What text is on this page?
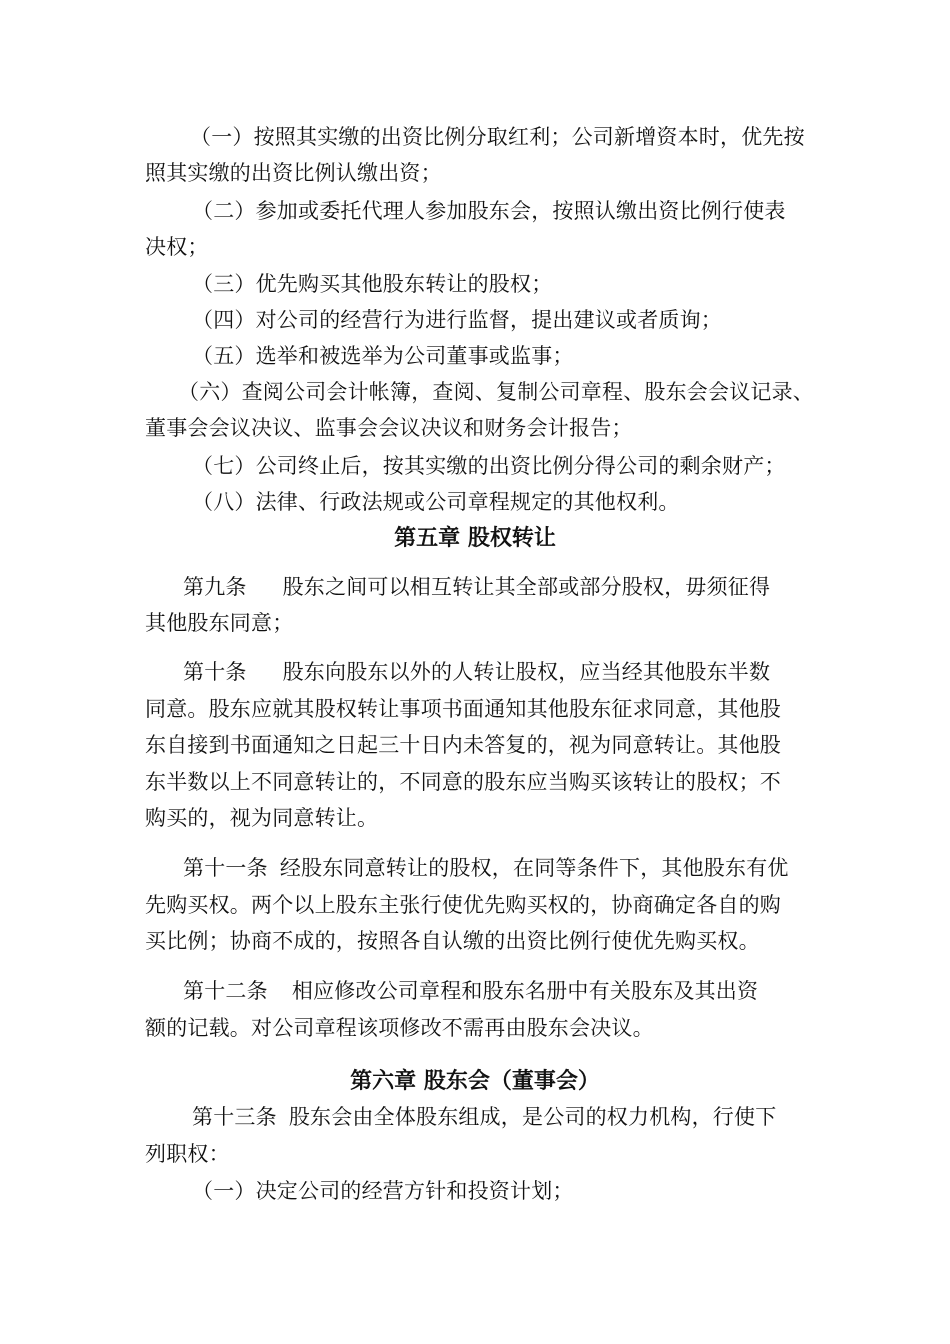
（一）按照其实缴的出资比例分取红利；公司新增资本时，优先按
照其实缴的出资比例认缴出资；
（二）参加或委托代理人参加股东会，按照认缴出资比例行使表
决权；
（三）优先购买其他股东转让的股权；
（四）对公司的经营行为进行监督，提出建议或者质询；
（五）选举和被选举为公司董事或监事；
（六）查阅公司会计帐簿，查阅、复制公司章程、股东会会议记录、
董事会会议决议、监事会会议决议和财务会计报告；
（七）公司终止后，按其实缴的出资比例分得公司的剩余财产；
（八）法律、行政法规或公司章程规定的其他权利。
第五章 股权转让
第九条 股东之间可以相互转让其全部或部分股权，毋须征得
其他股东同意；
第十条 股东向股东以外的人转让股权，应当经其他股东半数
同意。股东应就其股权转让事项书面通知其他股东征求同意，其他股
东自接到书面通知之日起三十日内未答复的，视为同意转让。其他股
东半数以上不同意转让的，不同意的股东应当购买该转让的股权；不
购买的，视为同意转让。
第十一条 经股东同意转让的股权，在同等条件下，其他股东有优
先购买权。两个以上股东主张行使优先购买权的，协商确定各自的购
买比例；协商不成的，按照各自认缴的出资比例行使优先购买权。
第十二条 相应修改公司章程和股东名册中有关股东及其出资
额的记载。对公司章程该项修改不需再由股东会决议。
第六章 股东会（董事会）
第十三条 股东会由全体股东组成，是公司的权力机构，行使下
列职权：
（一）决定公司的经营方针和投资计划；
